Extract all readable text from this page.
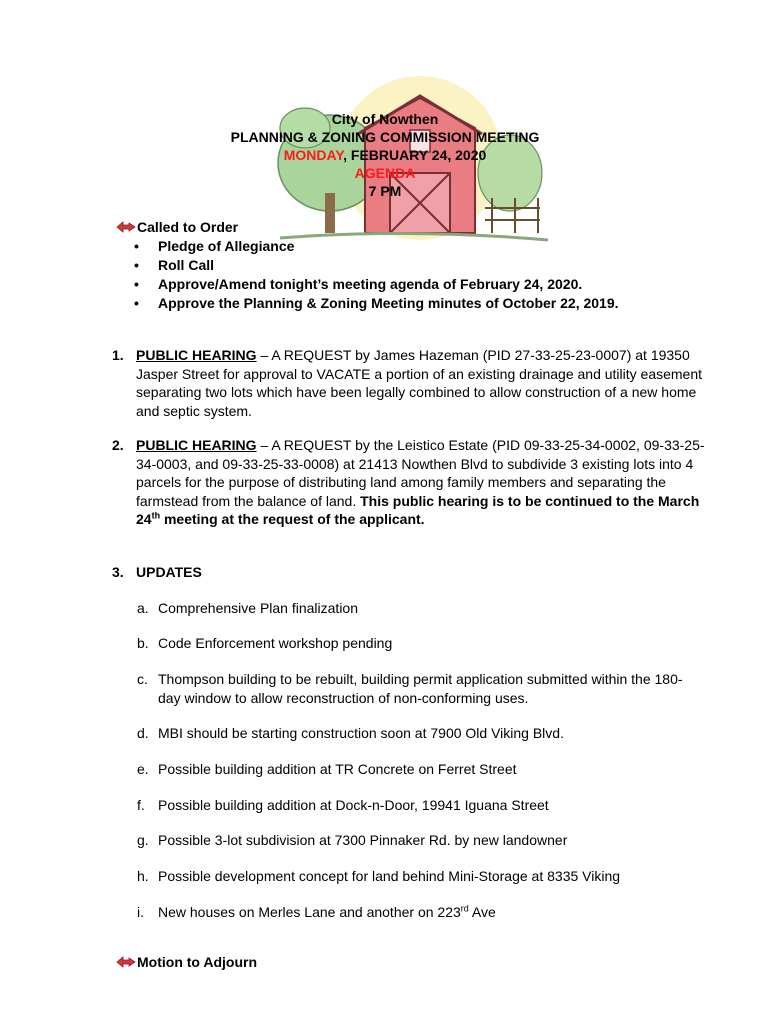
City of Nowthen
PLANNING & ZONING COMMISSION MEETING
MONDAY, FEBRUARY 24, 2020
AGENDA
7 PM
Called to Order
• Pledge of Allegiance
• Roll Call
• Approve/Amend tonight’s meeting agenda of February 24, 2020.
• Approve the Planning & Zoning Meeting minutes of October 22, 2019.
1. PUBLIC HEARING – A REQUEST by James Hazeman (PID 27-33-25-23-0007) at 19350 Jasper Street for approval to VACATE a portion of an existing drainage and utility easement separating two lots which have been legally combined to allow construction of a new home and septic system.
2. PUBLIC HEARING – A REQUEST by the Leistico Estate (PID 09-33-25-34-0002, 09-33-25-34-0003, and 09-33-25-33-0008) at 21413 Nowthen Blvd to subdivide 3 existing lots into 4 parcels for the purpose of distributing land among family members and separating the farmstead from the balance of land. This public hearing is to be continued to the March 24th meeting at the request of the applicant.
3. UPDATES
a. Comprehensive Plan finalization
b. Code Enforcement workshop pending
c. Thompson building to be rebuilt, building permit application submitted within the 180-day window to allow reconstruction of non-conforming uses.
d. MBI should be starting construction soon at 7900 Old Viking Blvd.
e. Possible building addition at TR Concrete on Ferret Street
f. Possible building addition at Dock-n-Door, 19941 Iguana Street
g. Possible 3-lot subdivision at 7300 Pinnaker Rd. by new landowner
h. Possible development concept for land behind Mini-Storage at 8335 Viking
i. New houses on Merles Lane and another on 223rd Ave
Motion to Adjourn
